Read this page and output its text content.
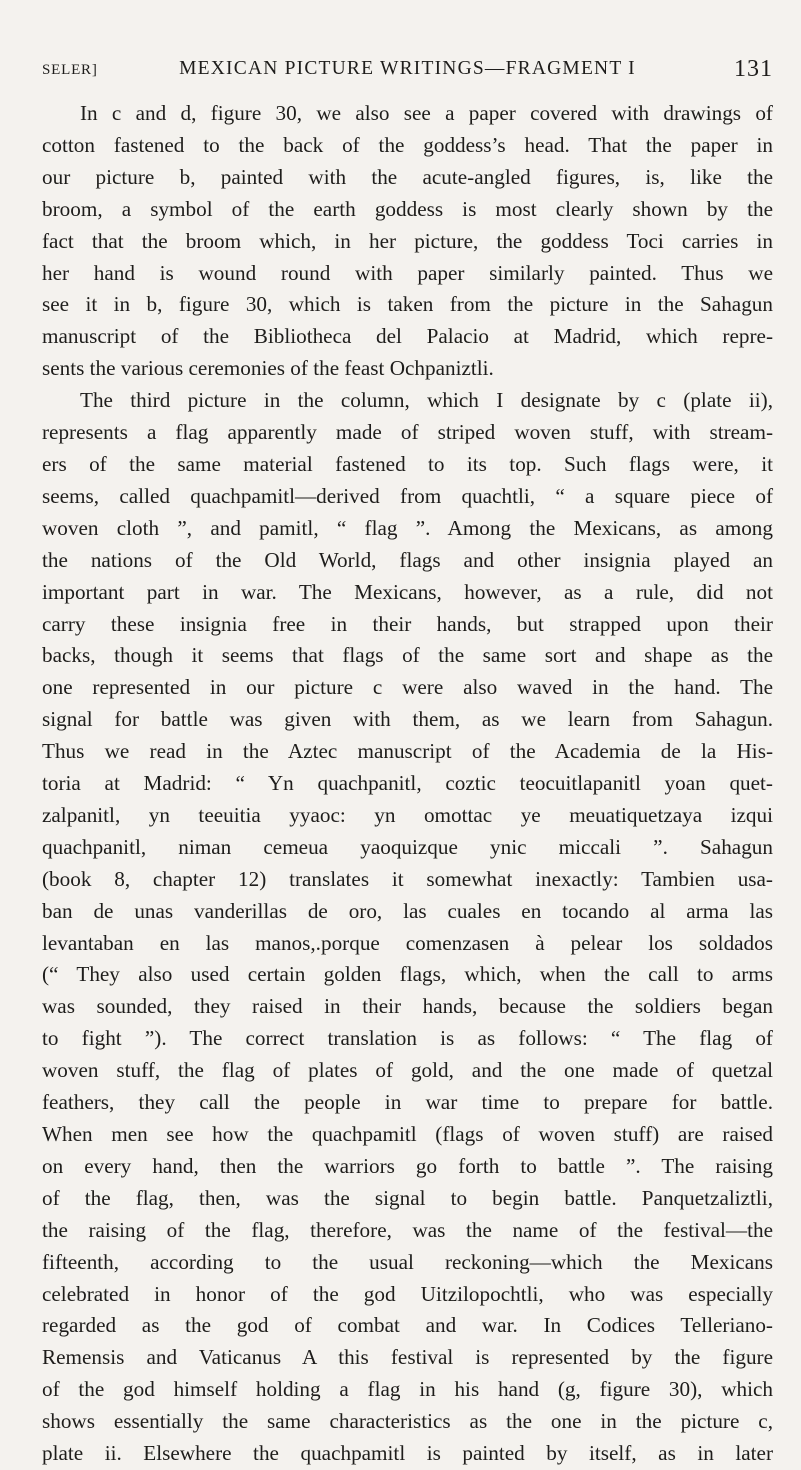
SELER]	MEXICAN PICTURE WRITINGS—FRAGMENT I	131
In c and d, figure 30, we also see a paper covered with drawings of
cotton fastened to the back of the goddess’s head. That the paper in
our picture b, painted with the acute-angled figures, is, like the
broom, a symbol of the earth goddess is most clearly shown by the
fact that the broom which, in her picture, the goddess Toci carries in
her hand is wound round with paper similarly painted. Thus we
see it in b, figure 30, which is taken from the picture in the Sahagun
manuscript of the Bibliotheca del Palacio at Madrid, which repre-
sents the various ceremonies of the feast Ochpaniztli.
The third picture in the column, which I designate by c (plate ii),
represents a flag apparently made of striped woven stuff, with stream-
ers of the same material fastened to its top. Such flags were, it
seems, called quachpamitl—derived from quachtli, “ a square piece of
woven cloth ”, and pamitl, “ flag ”. Among the Mexicans, as among
the nations of the Old World, flags and other insignia played an
important part in war. The Mexicans, however, as a rule, did not
carry these insignia free in their hands, but strapped upon their
backs, though it seems that flags of the same sort and shape as the
one represented in our picture c were also waved in the hand. The
signal for battle was given with them, as we learn from Sahagun.
Thus we read in the Aztec manuscript of the Academia de la His-
toria at Madrid: “ Yn quachpanitl, coztic teocuitlapanitl yoan quet-
zalpanitl, yn teeuitia yyaoc: yn omottac ye meuatiquetzaya izqui
quachpanitl, niman cemeua yaoquizque ynic miccali ”. Sahagun
(book 8, chapter 12) translates it somewhat inexactly: Tambien usa-
ban de unas vanderillas de oro, las cuales en tocando al arma las
levantaban en las manos,.porque comenzasen à pelear los soldados
(“ They also used certain golden flags, which, when the call to arms
was sounded, they raised in their hands, because the soldiers began
to fight ”). The correct translation is as follows: “ The flag of
woven stuff, the flag of plates of gold, and the one made of quetzal
feathers, they call the people in war time to prepare for battle.
When men see how the quachpamitl (flags of woven stuff) are raised
on every hand, then the warriors go forth to battle ”. The raising
of the flag, then, was the signal to begin battle. Panquetzaliztli,
the raising of the flag, therefore, was the name of the festival—the
fifteenth, according to the usual reckoning—which the Mexicans
celebrated in honor of the god Uitzilopochtli, who was especially
regarded as the god of combat and war. In Codices Telleriano-
Remensis and Vaticanus A this festival is represented by the figure
of the god himself holding a flag in his hand (g, figure 30), which
shows essentially the same characteristics as the one in the picture c,
plate ii. Elsewhere the quachpamitl is painted by itself, as in later
